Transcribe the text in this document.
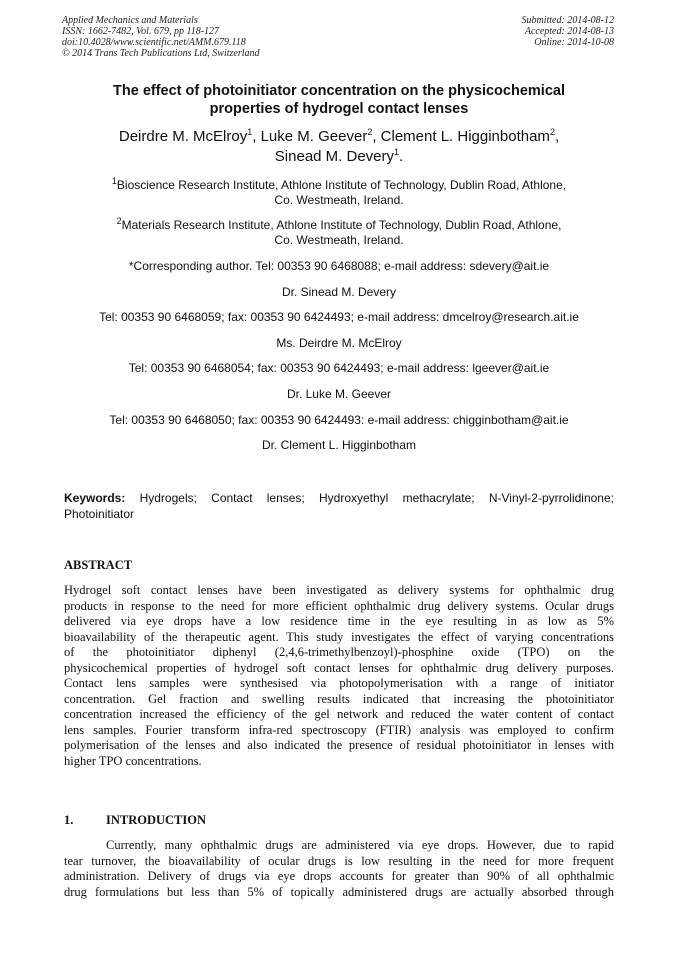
Applied Mechanics and Materials
ISSN: 1662-7482, Vol. 679, pp 118-127
doi:10.4028/www.scientific.net/AMM.679.118
© 2014 Trans Tech Publications Ltd, Switzerland
Submitted: 2014-08-12
Accepted: 2014-08-13
Online: 2014-10-08
The effect of photoinitiator concentration on the physicochemical
properties of hydrogel contact lenses
Deirdre M. McElroy$^1$, Luke M. Geever$^2$, Clement L. Higginbotham$^2$,
Sinead M. Devery$^1$.
$^1$Bioscience Research Institute, Athlone Institute of Technology, Dublin Road, Athlone,
Co. Westmeath, Ireland.
$^2$Materials Research Institute, Athlone Institute of Technology, Dublin Road, Athlone,
Co. Westmeath, Ireland.
*Corresponding author. Tel: 00353 90 6468088; e-mail address: sdevery@ait.ie
Dr. Sinead M. Devery
Tel: 00353 90 6468059; fax: 00353 90 6424493; e-mail address: dmcelroy@research.ait.ie
Ms. Deirdre M. McElroy
Tel: 00353 90 6468054; fax: 00353 90 6424493; e-mail address: lgeever@ait.ie
Dr. Luke M. Geever
Tel: 00353 90 6468050; fax: 00353 90 6424493: e-mail address: chigginbotham@ait.ie
Dr. Clement L. Higginbotham
Keywords: Hydrogels; Contact lenses; Hydroxyethyl methacrylate; N-Vinyl-2-pyrrolidinone;
Photoinitiator
ABSTRACT
Hydrogel soft contact lenses have been investigated as delivery systems for ophthalmic drug
products in response to the need for more efficient ophthalmic drug delivery systems. Ocular drugs
delivered via eye drops have a low residence time in the eye resulting in as low as 5%
bioavailability of the therapeutic agent. This study investigates the effect of varying concentrations
of the photoinitiator diphenyl (2,4,6-trimethylbenzoyl)-phosphine oxide (TPO) on the
physicochemical properties of hydrogel soft contact lenses for ophthalmic drug delivery purposes.
Contact lens samples were synthesised via photopolymerisation with a range of initiator
concentration. Gel fraction and swelling results indicated that increasing the photoinitiator
concentration increased the efficiency of the gel network and reduced the water content of contact
lens samples. Fourier transform infra-red spectroscopy (FTIR) analysis was employed to confirm
polymerisation of the lenses and also indicated the presence of residual photoinitiator in lenses with
higher TPO concentrations.
1.	INTRODUCTION
Currently, many ophthalmic drugs are administered via eye drops. However, due to rapid
tear turnover, the bioavailability of ocular drugs is low resulting in the need for more frequent
administration. Delivery of drugs via eye drops accounts for greater than 90% of all ophthalmic
drug formulations but less than 5% of topically administered drugs are actually absorbed through
